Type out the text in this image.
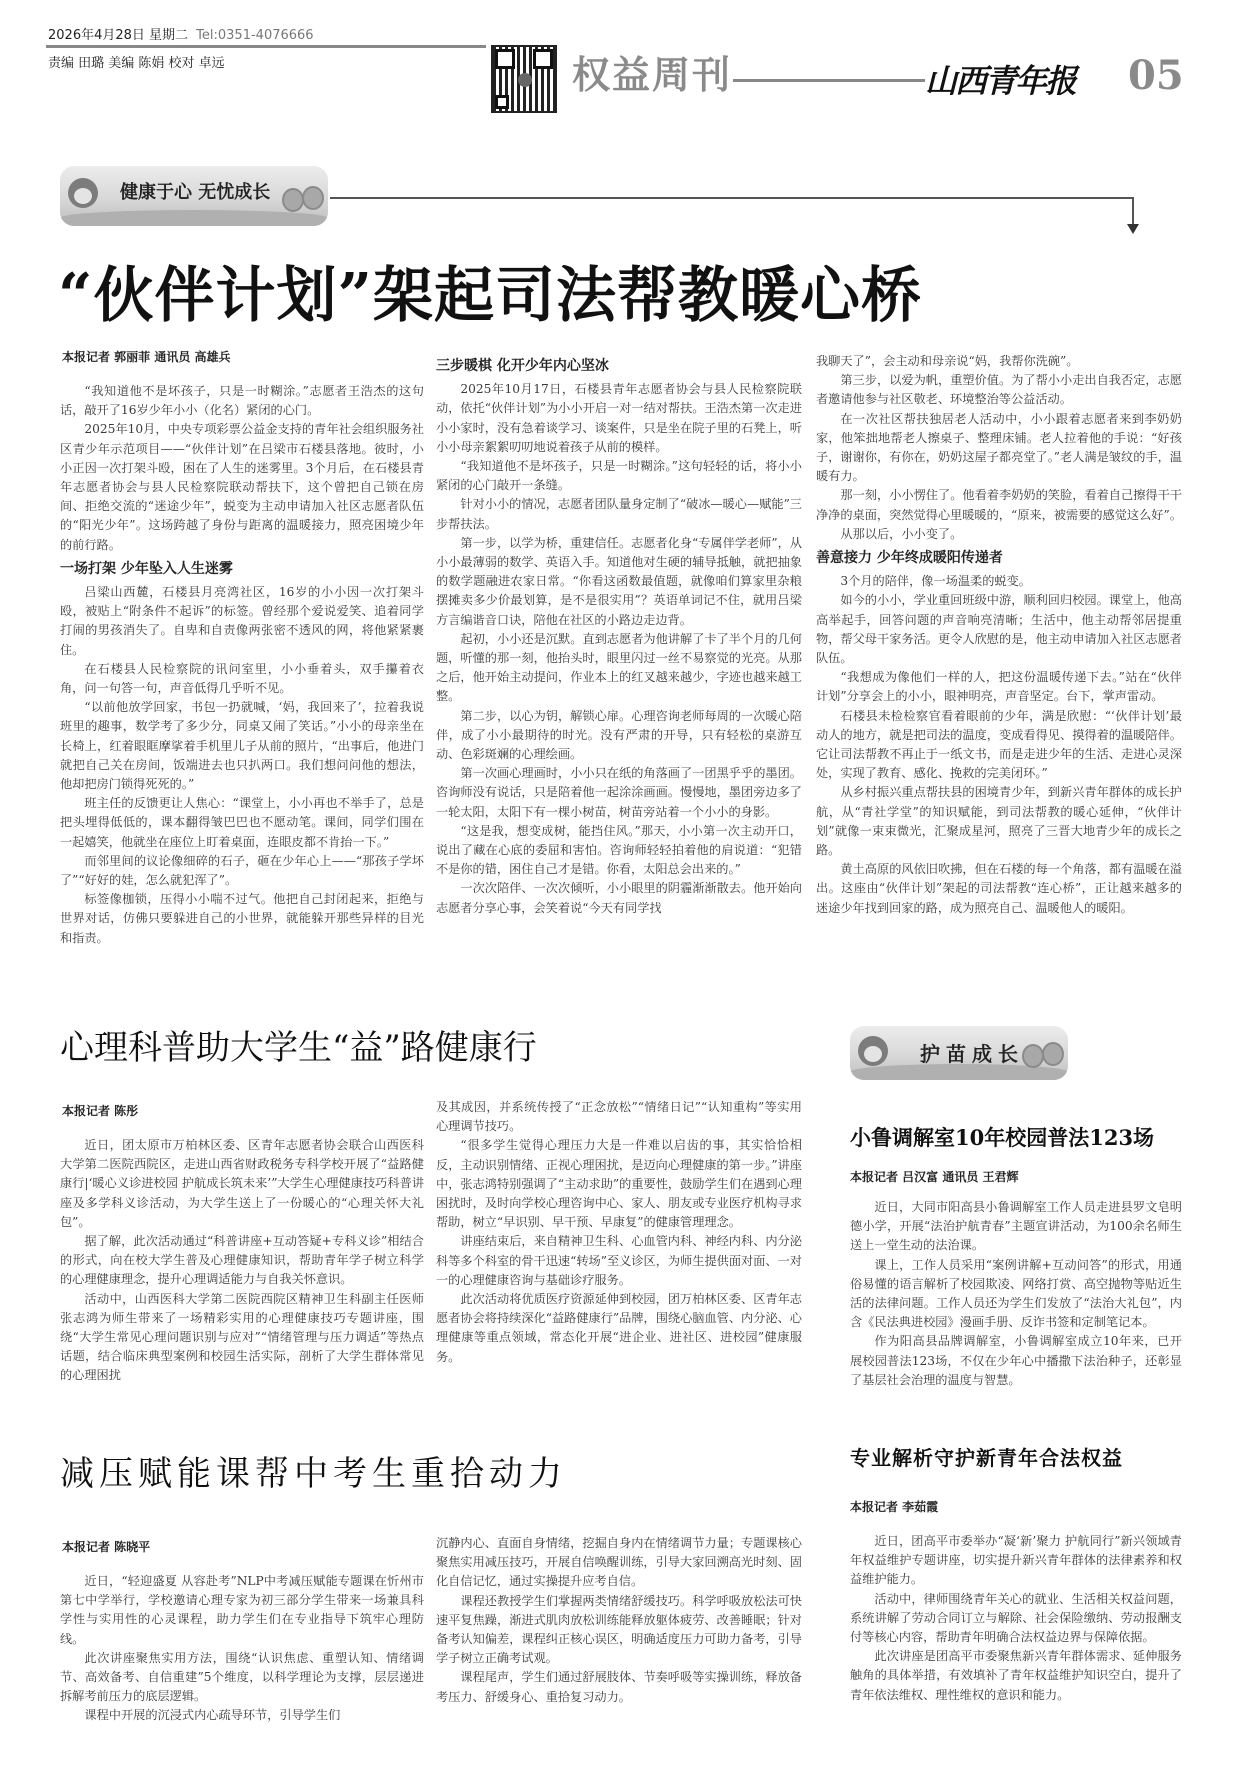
2026年4月28日 星期二 Tel:0351-4076666
责编 田璐 美编 陈娟 校对 卓远	权益周刊	山西青年报 05
健康于心 无忧成长
“伙伴计划”架起司法帮教暖心桥
本报记者 郭丽菲 通讯员 高雄兵

“我知道他不是坏孩子，只是一时糊涂。”志愿者王浩杰的这句话，敲开了16岁少年小小（化名）紧闭的心门。

2025年10月，中央专项彩票公益金支持的青年社会组织服务社区青少年示范项目——“伙伴计划”在吕梁市石楼县落地。彼时，小小正因一次打架斗殴，困在了人生的迷雾里。3个月后，在石楼县青年志愿者协会与县人民检察院联动帮扶下，这个曾把自己锁在房间、拒绝交流的“迷途少年”，蜕变为主动申请加入社区志愿者队伍的“阳光少年”。这场跨越了身份与距离的温暖接力，照亮困境少年的前行路。

一场打架 少年坠入人生迷雾

吕梁山西麓，石楼县月亮湾社区，16岁的小小因一次打架斗殴，被贴上“附条件不起诉”的标签。曾经那个爱说爱笑、追着同学打闹的男孩消失了。自卑和自责像两张密不透风的网，将他紧紧裹住。

在石楼县人民检察院的讯问室里，小小垂着头，双手攥着衣角，问一句答一句，声音低得几乎听不见。

“以前他放学回家，书包一扔就喊，‘妈，我回来了’，拉着我说班里的趣事，数学考了多少分，同桌又闹了笑话。”小小的母亲坐在长椅上，红着眼眶摩挲着手机里儿子从前的照片，“出事后，他进门就把自己关在房间，饭端进去也只扒两口。我们想问问他的想法，他却把房门锁得死死的。”

班主任的反馈更让人焦心：“课堂上，小小再也不举手了，总是把头埋得低低的，课本翻得皱巴巴也不愿动笔。课间，同学们围在一起嬉笑，他就坐在座位上盯着桌面，连眼皮都不肯抬一下。”

而邻里间的议论像细碎的石子，砸在少年心上——“那孩子学坏了”“好好的娃，怎么就犯浑了”。

标签像枷锁，压得小小喘不过气。他把自己封闭起来，拒绝与世界对话，仿佛只要躲进自己的小世界，就能躲开那些异样的目光和指责。

三步暖棋 化开少年内心坚冰

2025年10月17日，石楼县青年志愿者协会与县人民检察院联动，依托“伙伴计划”为小小开启一对一结对帮扶。王浩杰第一次走进小小家时，没有急着谈学习、谈案件，只是坐在院子里的石凳上，听小小母亲絮絮叨叨地说着孩子从前的模样。

“我知道他不是坏孩子，只是一时糊涂。”这句轻轻的话，将小小紧闭的心门敲开一条缝。

针对小小的情况，志愿者团队量身定制了“破冰—暖心—赋能”三步帮扶法。

第一步，以学为桥，重建信任。志愿者化身“专属伴学老师”，从小小最薄弱的数学、英语入手。知道他对生硬的辅导抵触，就把抽象的数学题融进农家日常。“你看这函数最值题，就像咱们算家里杂粮摆摊卖多少价最划算，是不是很实用”？英语单词记不住，就用吕梁方言编谐音口诀，陪他在社区的小路边走边背。

起初，小小还是沉默。直到志愿者为他讲解了卡了半个月的几何题，听懂的那一刻，他抬头时，眼里闪过一丝不易察觉的光亮。从那之后，他开始主动提问，作业本上的红叉越来越少，字迹也越来越工整。

第二步，以心为钥，解锁心扉。心理咨询老师每周的一次暖心陪伴，成了小小最期待的时光。没有严肃的开导，只有轻松的桌游互动、色彩斑斓的心理绘画。

第一次画心理画时，小小只在纸的角落画了一团黑乎乎的墨团。咨询师没有说话，只是陪着他一起涂涂画画。慢慢地，墨团旁边多了一轮太阳，太阳下有一棵小树苗，树苗旁站着一个小小的身影。

“这是我，想变成树，能挡住风。”那天，小小第一次主动开口，说出了藏在心底的委屈和害怕。咨询师轻轻拍着他的肩说道：“犯错不是你的错，困住自己才是错。你看，太阳总会出来的。”

一次次陪伴、一次次倾听，小小眼里的阴霾渐渐散去。他开始向志愿者分享心事，会笑着说“今天有同学找

我聊天了”，会主动和母亲说“妈，我帮你洗碗”。

第三步，以爱为帆，重塑价值。为了帮小小走出自我否定，志愿者邀请他参与社区敬老、环境整治等公益活动。

在一次社区帮扶独居老人活动中，小小跟着志愿者来到李奶奶家，他笨拙地帮老人擦桌子、整理床铺。老人拉着他的手说：“好孩子，谢谢你，有你在，奶奶这屋子都亮堂了。”老人满是皱纹的手，温暖有力。

那一刻，小小愣住了。他看着李奶奶的笑脸，看着自己擦得干干净净的桌面，突然觉得心里暖暖的，“原来，被需要的感觉这么好”。

从那以后，小小变了。

善意接力 少年终成暖阳传递者

3个月的陪伴，像一场温柔的蜕变。

如今的小小，学业重回班级中游，顺利回归校园。课堂上，他高高举起手，回答问题的声音响亮清晰；生活中，他主动帮邻居提重物，帮父母干家务活。更令人欣慰的是，他主动申请加入社区志愿者队伍。

“我想成为像他们一样的人，把这份温暖传递下去。”站在“伙伴计划”分享会上的小小，眼神明亮，声音坚定。台下，掌声雷动。

石楼县未检检察官看着眼前的少年，满是欣慰：“‘伙伴计划’最动人的地方，就是把司法的温度，变成看得见、摸得着的温暖陪伴。它让司法帮教不再止于一纸文书，而是走进少年的生活、走进心灵深处，实现了教育、感化、挽救的完美闭环。”

从乡村振兴重点帮扶县的困境青少年，到新兴青年群体的成长护航，从“青社学堂”的知识赋能，到司法帮教的暖心延伸，“伙伴计划”就像一束束微光，汇聚成星河，照亮了三晋大地青少年的成长之路。

黄土高原的风依旧吹拂，但在石楼的每一个角落，都有温暖在溢出。这座由“伙伴计划”架起的司法帮教“连心桥”，正让越来越多的迷途少年找到回家的路，成为照亮自己、温暖他人的暖阳。

心理科普助大学生“益”路健康行
本报记者 陈彤

近日，团太原市万柏林区委、区青年志愿者协会联合山西医科大学第二医院西院区，走进山西省财政税务专科学校开展了“益路健康行|‘暖心义诊进校园 护航成长筑未来’”大学生心理健康技巧科普讲座及多学科义诊活动，为大学生送上了一份暖心的“心理关怀大礼包”。

据了解，此次活动通过“科普讲座+互动答疑+专科义诊”相结合的形式，向在校大学生普及心理健康知识，帮助青年学子树立科学的心理健康理念，提升心理调适能力与自我关怀意识。

活动中，山西医科大学第二医院西院区精神卫生科副主任医师张志鸿为师生带来了一场精彩实用的心理健康技巧专题讲座，围绕“大学生常见心理问题识别与应对”“情绪管理与压力调适”等热点话题，结合临床典型案例和校园生活实际，剖析了大学生群体常见的心理困扰

及其成因，并系统传授了“正念放松”“情绪日记”“认知重构”等实用心理调节技巧。

“很多学生觉得心理压力大是一件难以启齿的事，其实恰恰相反，主动识别情绪、正视心理困扰，是迈向心理健康的第一步。”讲座中，张志鸿特别强调了“主动求助”的重要性，鼓励学生们在遇到心理困扰时，及时向学校心理咨询中心、家人、朋友或专业医疗机构寻求帮助，树立“早识别、早干预、早康复”的健康管理理念。

讲座结束后，来自精神卫生科、心血管内科、神经内科、内分泌科等多个科室的骨干迅速“转场”至义诊区，为师生提供面对面、一对一的心理健康咨询与基础诊疗服务。

此次活动将优质医疗资源延伸到校园，团万柏林区委、区青年志愿者协会将持续深化“益路健康行”品牌，围绕心脑血管、内分泌、心理健康等重点领域，常态化开展“进企业、进社区、进校园”健康服务。

减压赋能课帮中考生重拾动力
本报记者 陈晓平

近日，“轻迎盛夏 从容赴考”NLP中考减压赋能专题课在忻州市第七中学举行，学校邀请心理专家为初三部分学生带来一场兼具科学性与实用性的心灵课程，助力学生们在专业指导下筑牢心理防线。

此次讲座聚焦实用方法，围绕“认识焦虑、重塑认知、情绪调节、高效备考、自信重建”5个维度，以科学理论为支撑，层层递进拆解考前压力的底层逻辑。

课程中开展的沉浸式内心疏导环节，引导学生们

沉静内心、直面自身情绪，挖掘自身内在情绪调节力量；专题课核心聚焦实用减压技巧，开展自信唤醒训练，引导大家回溯高光时刻、固化自信记忆，通过实操提升应考自信。

课程还教授学生们掌握两类情绪舒缓技巧。科学呼吸放松法可快速平复焦躁，渐进式肌肉放松训练能释放躯体疲劳、改善睡眠；针对备考认知偏差，课程纠正核心误区，明确适度压力可助力备考，引导学子树立正确考试观。

课程尾声，学生们通过舒展肢体、节奏呼吸等实操训练，释放备考压力、舒缓身心、重拾复习动力。

护苗成长
小鲁调解室10年校园普法123场
本报记者 吕汉富 通讯员 王君辉

近日，大同市阳高县小鲁调解室工作人员走进县罗文皂明德小学，开展“法治护航青春”主题宣讲活动，为100余名师生送上一堂生动的法治课。

课上，工作人员采用“案例讲解+互动问答”的形式，用通俗易懂的语言解析了校园欺凌、网络打赏、高空抛物等贴近生活的法律问题。工作人员还为学生们发放了“法治大礼包”，内含《民法典进校园》漫画手册、反诈书签和定制笔记本。

作为阳高县品牌调解室，小鲁调解室成立10年来，已开展校园普法123场，不仅在少年心中播撒下法治种子，还彰显了基层社会治理的温度与智慧。

专业解析守护新青年合法权益
本报记者 李茹霞

近日，团高平市委举办“凝‘新’聚力 护航同行”新兴领域青年权益维护专题讲座，切实提升新兴青年群体的法律素养和权益维护能力。

活动中，律师围绕青年关心的就业、生活相关权益问题，系统讲解了劳动合同订立与解除、社会保险缴纳、劳动报酬支付等核心内容，帮助青年明确合法权益边界与保障依据。

此次讲座是团高平市委聚焦新兴青年群体需求、延伸服务触角的具体举措，有效填补了青年权益维护知识空白，提升了青年依法维权、理性维权的意识和能力。
